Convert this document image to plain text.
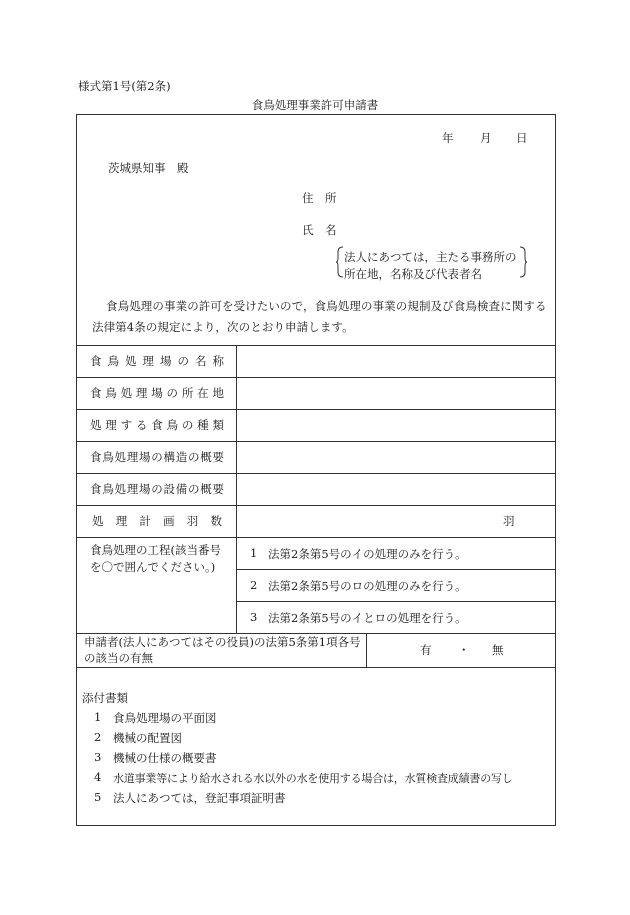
様式第1号(第2条)
食鳥処理事業許可申請書
年 月 日
茨城県知事　殿
住　所
氏　名
法人にあつては，主たる事務所の
所在地，名称及び代表者名
食鳥処理の事業の許可を受けたいので，食鳥処理の事業の規制及び食鳥検査に関する法律第4条の規定により，次のとおり申請します。
食鳥処理場の名称
食鳥処理場の所在地
処理する食鳥の種類
食鳥処理場の構造の概要
食鳥処理場の設備の概要
処理計画羽数	羽
食鳥処理の工程(該当番号を〇で囲んでください。)
1 法第2条第5号のイの処理のみを行う。
2 法第2条第5号のロの処理のみを行う。
3 法第2条第5号のイとロの処理を行う。
申請者(法人にあつてはその役員)の法第5条第1項各号の該当の有無
有 ・ 無
添付書類
1 食鳥処理場の平面図
2 機械の配置図
3 機械の仕様の概要書
4 水道事業等により給水される水以外の水を使用する場合は，水質検査成績書の写し
5 法人にあつては，登記事項証明書
